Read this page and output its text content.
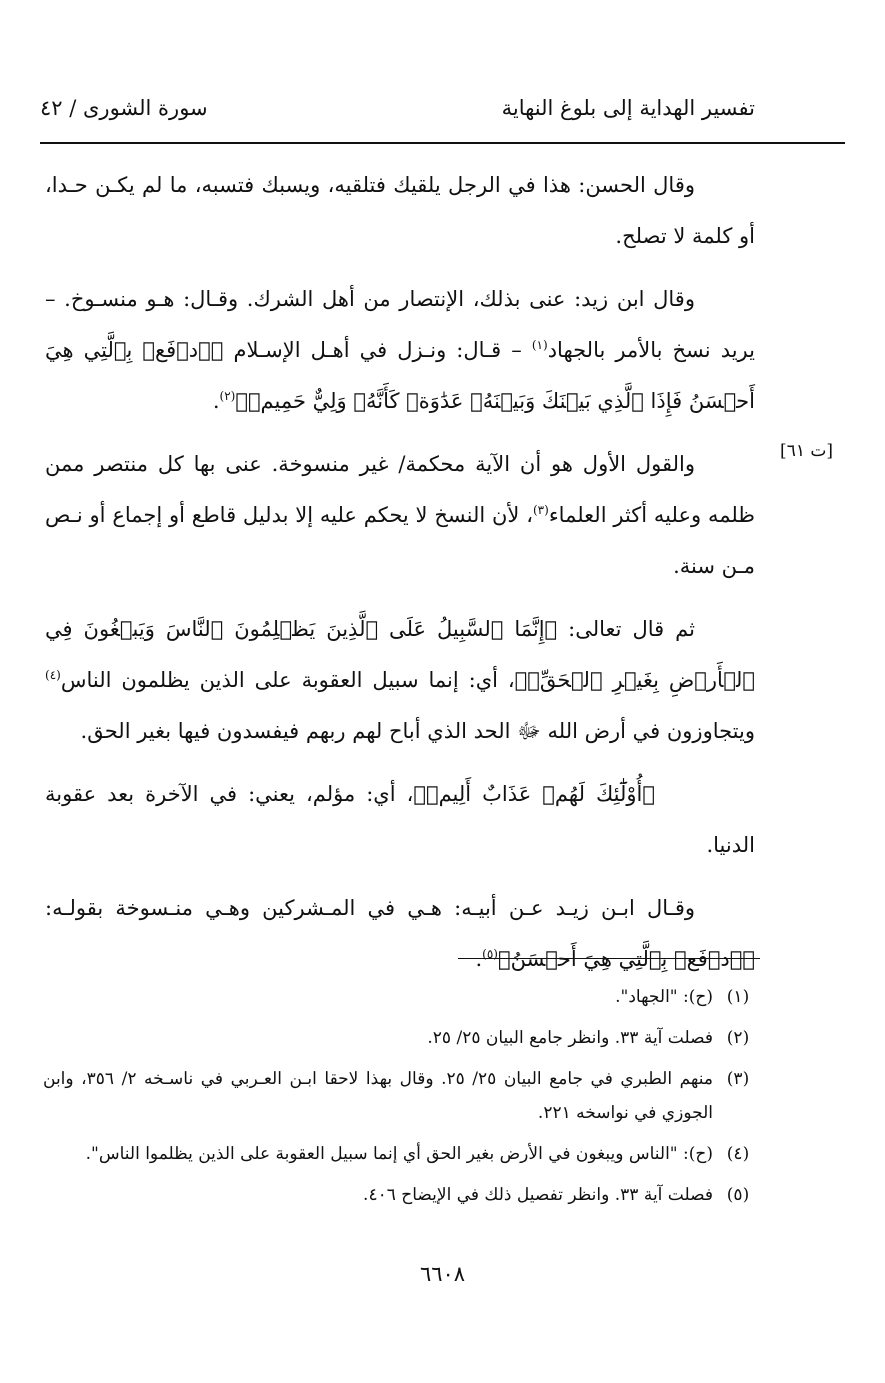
تفسير الهداية إلى بلوغ النهاية
سورة الشورى / ٤٢
[ت ٦١]

وقال الحسن: هذا في الرجل يلقيك فتلقيه، ويسبك فتسبه، ما لم يكـن حـدا، أو كلمة لا تصلح.

وقال ابن زيد: عنى بذلك، الإنتصار من أهل الشرك. وقـال: هـو منسـوخ. – يريد نسخ بالأمر بالجهاد$^{(١)}$ – قـال: ونـزل في أهـل الإسـلام ﴿ٱدۡفَعۡ بِٱلَّتِي هِيَ أَحۡسَنُ فَإِذَا ٱلَّذِي بَيۡنَكَ وَبَيۡنَهُۥ عَدَٰوَةٞ كَأَنَّهُۥ وَلِيٌّ حَمِيمٞ﴾$^{(٢)}$.

والقول الأول هو أن الآية محكمة/ غير منسوخة. عنى بها كل منتصر ممن ظلمه وعليه أكثر العلماء$^{(٣)}$، لأن النسخ لا يحكم عليه إلا بدليل قاطع أو إجماع أو نـص مـن سنة.

ثم قال تعالى: ﴿إِنَّمَا ٱلسَّبِيلُ عَلَى ٱلَّذِينَ يَظۡلِمُونَ ٱلنَّاسَ وَيَبۡغُونَ فِي ٱلۡأَرۡضِ بِغَيۡرِ ٱلۡحَقِّۚ﴾، أي: إنما سبيل العقوبة على الذين يظلمون الناس$^{(٤)}$ ويتجاوزون في أرض الله ﷻ الحد الذي أباح لهم ربهم فيفسدون فيها بغير الحق.

﴿أُوْلَٰٓئِكَ لَهُمۡ عَذَابٌ أَلِيمٞ﴾، أي: مؤلم، يعني: في الآخرة بعد عقوبة الدنيا.

وقـال ابـن زيـد عـن أبيـه: هـي في المـشركين وهـي منـسوخة بقولـه: ﴿ٱدۡفَعۡ بِٱلَّتِي هِيَ أَحۡسَنُ﴾$^{(٥)}$.

(١)
(ح): "الجهاد".
(٢)
فصلت آية ٣٣. وانظر جامع البيان ٢٥/ ٢٥.
(٣)
منهم الطبري في جامع البيان ٢٥/ ٢٥. وقال بهذا لاحقا ابـن العـربي في ناسـخه ٢/ ٣٥٦، وابن الجوزي في نواسخه ٢٢١.
(٤)
(ح): "الناس ويبغون في الأرض بغير الحق أي إنما سبيل العقوبة على الذين يظلموا الناس".
(٥)
فصلت آية ٣٣. وانظر تفصيل ذلك في الإيضاح ٤٠٦.
٦٦٠٨
